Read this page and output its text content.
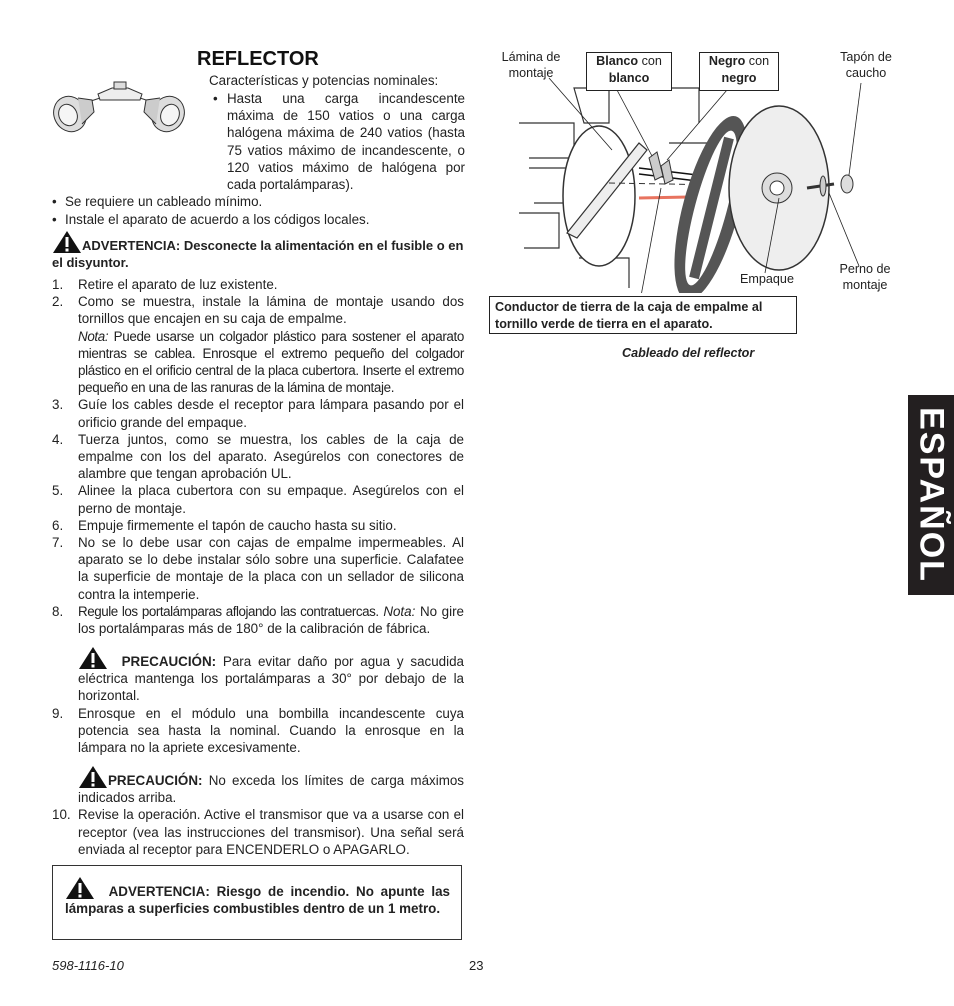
REFLECTOR
Características y potencias nominales:
• Hasta una carga incandescente máxima de 150 vatios o una carga halógena máxima de 240 vatios (hasta 75 vatios máximo de incandescente, o 120 vatios máximo de halógena por cada portalámparas).
• Se requiere un cableado mínimo.
• Instale el aparato de acuerdo a los códigos locales.
ADVERTENCIA: Desconecte la alimentación en el fusible o en el disyuntor.
1. Retire el aparato de luz existente.
2. Como se muestra, instale la lámina de montaje usando dos tornillos que encajen en su caja de empalme.
Nota: Puede usarse un colgador plástico para sostener el aparato mientras se cablea. Enrosque el extremo pequeño del colgador plástico en el orificio central de la placa cubertora. Inserte el extremo pequeño en una de las ranuras de la lámina de montaje.
3. Guíe los cables desde el receptor para lámpara pasando por el orificio grande del empaque.
4. Tuerza juntos, como se muestra, los cables de la caja de empalme con los del aparato. Asegúrelos con conectores de alambre que tengan aprobación UL.
5. Alinee la placa cubertora con su empaque. Asegúrelos con el perno de montaje.
6. Empuje firmemente el tapón de caucho hasta su sitio.
7. No se lo debe usar con cajas de empalme impermeables. Al aparato se lo debe instalar sólo sobre una superficie. Calafatee la superficie de montaje de la placa con un sellador de silicona contra la intemperie.
8. Regule los portalámparas aflojando las contratuercas. Nota: No gire los portalámparas más de 180° de la calibración de fábrica.
PRECAUCIÓN: Para evitar daño por agua y sacudida eléctrica mantenga los portalámparas a 30° por debajo de la horizontal.
9. Enrosque en el módulo una bombilla incandescente cuya potencia sea hasta la nominal. Cuando la enrosque en la lámpara no la apriete excesivamente.
PRECAUCIÓN: No exceda los límites de carga máximos indicados arriba.
10. Revise la operación. Active el transmisor que va a usarse con el receptor (vea las instrucciones del transmisor). Una señal será enviada al receptor para ENCENDERLO o APAGARLO.
ADVERTENCIA: Riesgo de incendio. No apunte las lámparas a superficies combustibles dentro de un 1 metro.
Lámina de montaje
Blanco con
blanco
Negro con
negro
Tapón de caucho
Empaque
Perno de montaje
Conductor de tierra de la caja de empalme al tornillo verde de tierra en el aparato.
Cableado del reflector
ESPAÑOL
598-1116-10	23
